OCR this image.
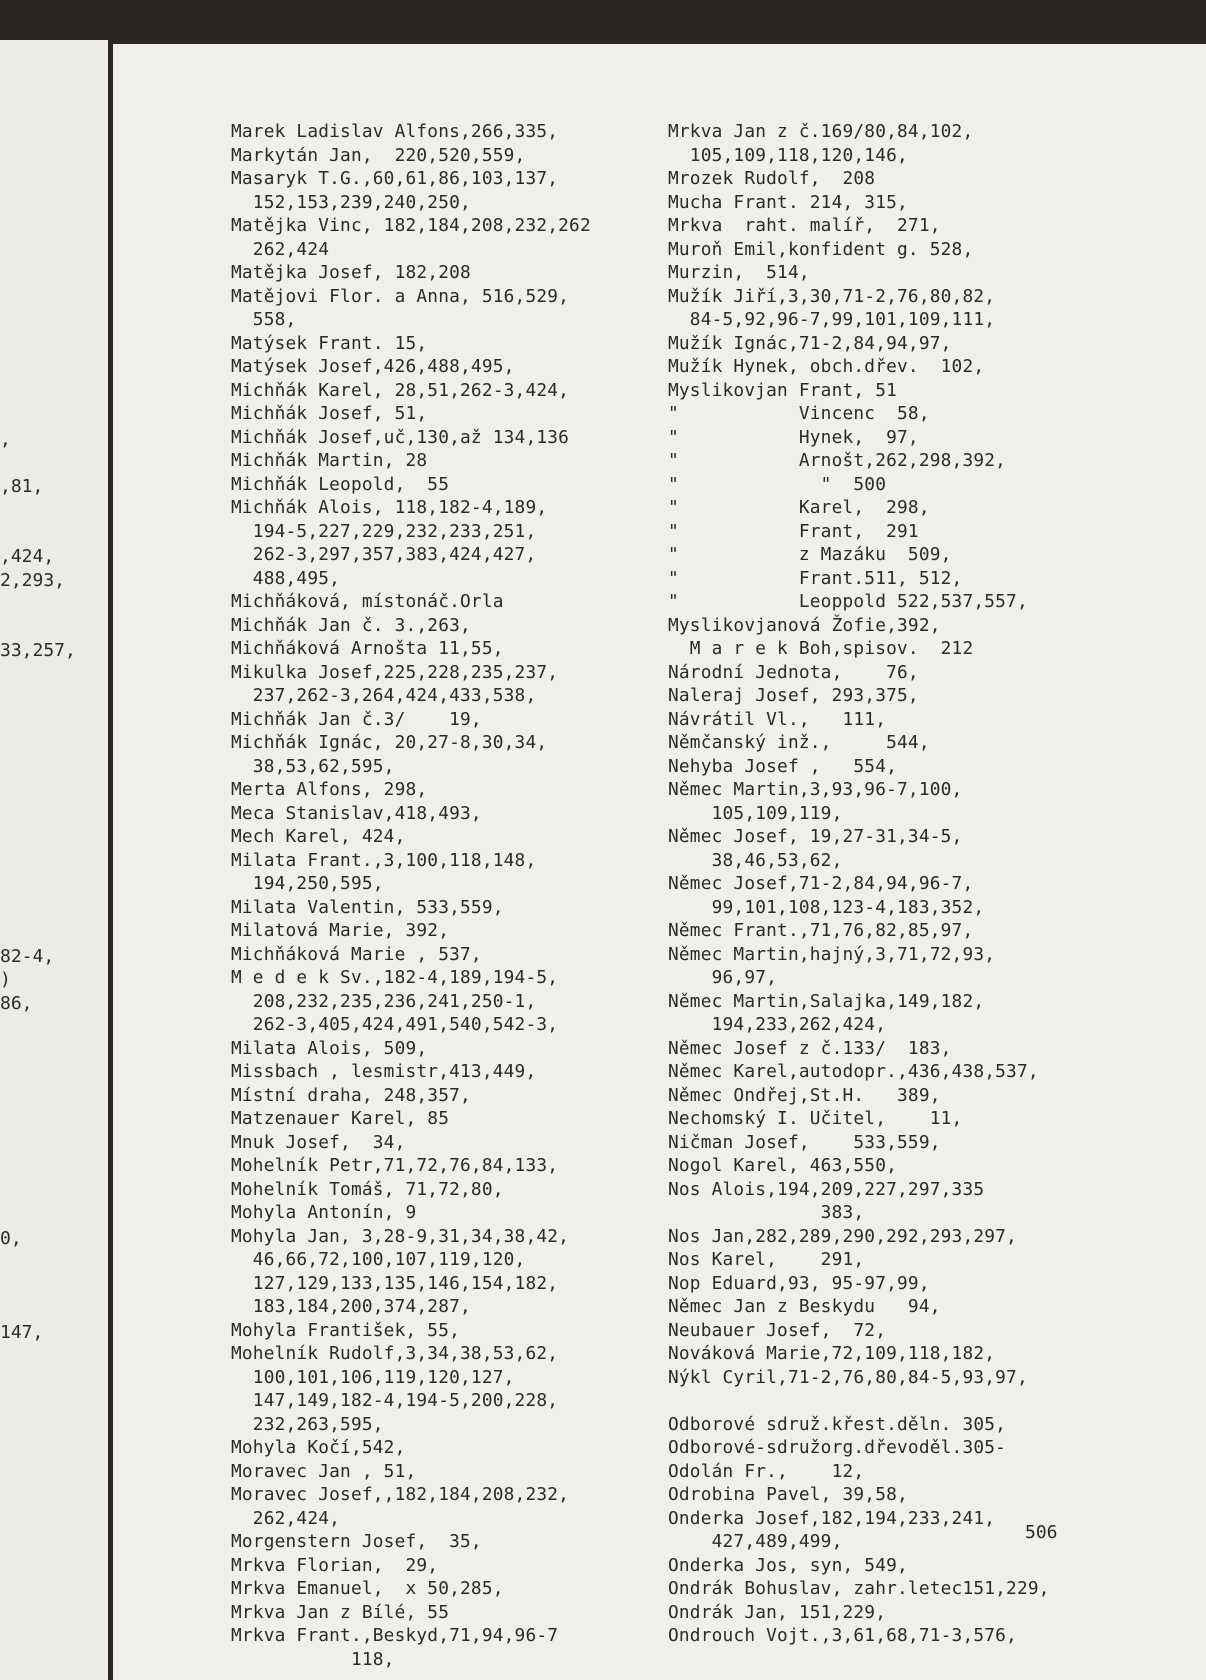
,
,81,
,424,
2,293,
33,257,
82-4,
)
86,
0,
147,
Marek Ladislav Alfons,266,335,
Markytán Jan,  220,520,559,
Masaryk T.G.,60,61,86,103,137,
152,153,239,240,250,
Matějka Vinc, 182,184,208,232,262
262,424
Matějka Josef, 182,208
Matějovi Flor. a Anna, 516,529,
558,
Matýsek Frant. 15,
Matýsek Josef,426,488,495,
Michňák Karel, 28,51,262-3,424,
Michňák Josef, 51,
Michňák Josef,uč,130,až 134,136
Michňák Martin, 28
Michňák Leopold,  55
Michňák Alois, 118,182-4,189,
194-5,227,229,232,233,251,
262-3,297,357,383,424,427,
488,495,
Michňáková, místonáč.Orla
Michňák Jan č. 3.,263,
Michňáková Arnošta 11,55,
Mikulka Josef,225,228,235,237,
237,262-3,264,424,433,538,
Michňák Jan č.3/    19,
Michňák Ignác, 20,27-8,30,34,
38,53,62,595,
Merta Alfons, 298,
Meca Stanislav,418,493,
Mech Karel, 424,
Milata Frant.,3,100,118,148,
194,250,595,
Milata Valentin, 533,559,
Milatová Marie, 392,
Michňáková Marie , 537,
M e d e k Sv.,182-4,189,194-5,
208,232,235,236,241,250-1,
262-3,405,424,491,540,542-3,
Milata Alois, 509,
Missbach , lesmistr,413,449,
Místní draha, 248,357,
Matzenauer Karel, 85
Mnuk Josef,  34,
Mohelník Petr,71,72,76,84,133,
Mohelník Tomáš, 71,72,80,
Mohyla Antonín, 9
Mohyla Jan, 3,28-9,31,34,38,42,
46,66,72,100,107,119,120,
127,129,133,135,146,154,182,
183,184,200,374,287,
Mohyla František, 55,
Mohelník Rudolf,3,34,38,53,62,
100,101,106,119,120,127,
147,149,182-4,194-5,200,228,
232,263,595,
Mohyla Kočí,542,
Moravec Jan , 51,
Moravec Josef,,182,184,208,232,
262,424,
Morgenstern Josef,  35,
Mrkva Florian,  29,
Mrkva Emanuel,  x 50,285,
Mrkva Jan z Bílé, 55
Mrkva Frant.,Beskyd,71,94,96-7
118,
Mrkva Jan z č.169/80,84,102,
105,109,118,120,146,
Mrozek Rudolf,  208
Mucha Frant. 214, 315,
Mrkva  raht. malíř,  271,
Muroň Emil,konfident g. 528,
Murzin,  514,
Mužík Jiří,3,30,71-2,76,80,82,
84-5,92,96-7,99,101,109,111,
Mužík Ignác,71-2,84,94,97,
Mužík Hynek, obch.dřev.  102,
Myslikovjan Frant, 51
"           Vincenc  58,
"           Hynek,  97,
"           Arnošt,262,298,392,
"             "  500
"           Karel,  298,
"           Frant,  291
"           z Mazáku  509,
"           Frant.511, 512,
"           Leoppold 522,537,557,
Myslikovjanová Žofie,392,
M a r e k Boh,spisov.  212
Národní Jednota,    76,
Naleraj Josef, 293,375,
Návrátil Vl.,   111,
Němčanský inž.,     544,
Nehyba Josef ,   554,
Němec Martin,3,93,96-7,100,
105,109,119,
Němec Josef, 19,27-31,34-5,
38,46,53,62,
Němec Josef,71-2,84,94,96-7,
99,101,108,123-4,183,352,
Němec Frant.,71,76,82,85,97,
Němec Martin,hajný,3,71,72,93,
96,97,
Němec Martin,Salajka,149,182,
194,233,262,424,
Němec Josef z č.133/  183,
Němec Karel,autodopr.,436,438,537,
Němec Ondřej,St.H.   389,
Nechomský I. Učitel,    11,
Ničman Josef,    533,559,
Nogol Karel, 463,550,
Nos Alois,194,209,227,297,335
383,
Nos Jan,282,289,290,292,293,297,
Nos Karel,    291,
Nop Eduard,93, 95-97,99,
Němec Jan z Beskydu   94,
Neubauer Josef,  72,
Nováková Marie,72,109,118,182,
Nýkl Cyril,71-2,76,80,84-5,93,97,
Odborové sdruž.křest.děln. 305,
Odborové-sdružorg.dřevoděl.305-
Odolán Fr.,    12,
Odrobina Pavel, 39,58,
Onderka Josef,182,194,233,241,
427,489,499,
Onderka Jos, syn, 549,
Ondrák Bohuslav, zahr.letec151,229,
Ondrák Jan, 151,229,
Ondrouch Vojt.,3,61,68,71-3,576,
506
